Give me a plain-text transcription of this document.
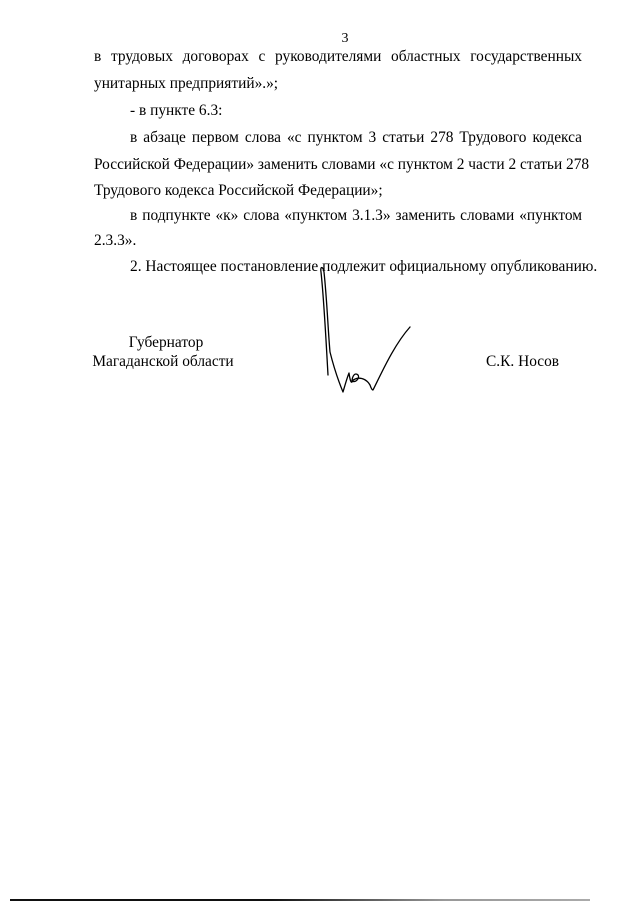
3
в трудовых договорах с руководителями областных государственных
унитарных предприятий».»;
- в пункте 6.3:
в абзаце первом слова «с пунктом 3 статьи 278 Трудового кодекса
Российской Федерации» заменить словами «с пунктом 2 части 2 статьи 278
Трудового кодекса Российской Федерации»;
в подпункте «к» слова «пунктом 3.1.3» заменить словами «пунктом
2.3.3».
2. Настоящее постановление подлежит официальному опубликованию.
Губернатор
Магаданской области	С.К. Носов
